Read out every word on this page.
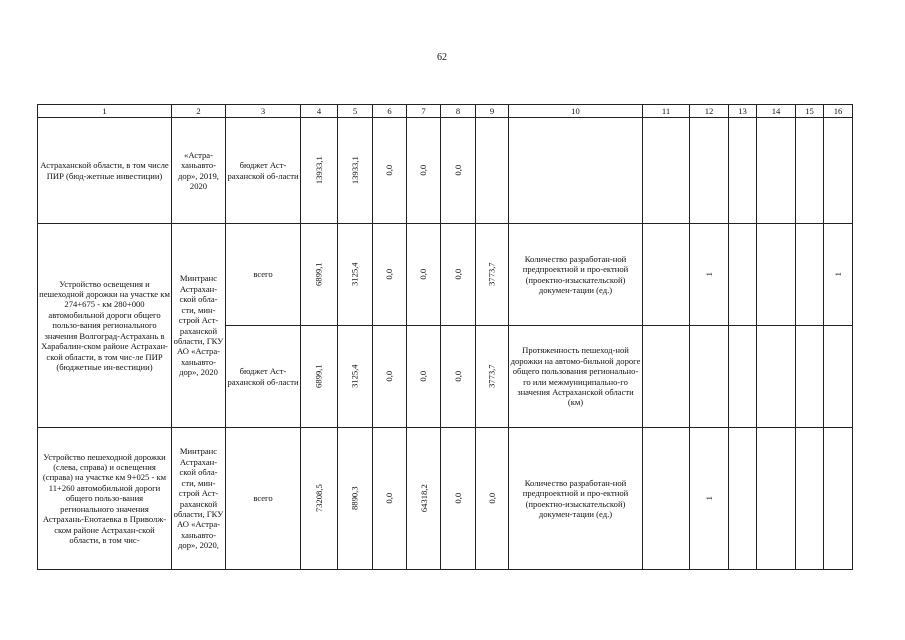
62
1	2	3	4	5	6	7	8	9	10	11	12	13	14	15	16
Астраханской области, в том числе ПИР (бюд-жетные инвестиции)	«Астра-ханьавто-дор», 2019, 2020	бюджет Аст-раханской об-ласти	13933,1	13933,1	0,0	0,0	0,0								
Устройство освещения и пешеходной дорожки на участке км 274+675 - км 280+000 автомобильной дороги общего пользо-вания регионального значения Волгоград-Астрахань в Харабалин-ском районе Астрахан-ской области, в том чис-ле ПИР (бюджетные ин-вестиции)	Минтранс Астрахан-ской обла-сти, мин-строй Аст-раханской области, ГКУ АО «Астра-ханьавто-дор», 2020	всего	6899,1	3125,4	0,0	0,0	0,0	3773,7	Количество разработан-ной предпроектной и про-ектной (проектно-изыскательской) докумен-тации (ед.)		1				1
		бюджет Аст-раханской об-ласти	6899,1	3125,4	0,0	0,0	0,0	3773,7	Протяженность пешеход-ной дорожки на автомо-бильной дороге общего пользования регионально-го или межмуниципально-го значения Астраханской области (км)						
Устройство пешеходной дорожки (слева, справа) и освещения (справа) на участке км 9+025 - км 11+260 автомобильной дороги общего пользо-вания регионального значения Астрахань-Енотаевка в Приволж-ском районе Астрахан-ской области, в том чис-	Минтранс Астрахан-ской обла-сти, мин-строй Аст-раханской области, ГКУ АО «Астра-ханьавто-дор», 2020,	всего	73208,5	8890,3	0,0	64318,2	0,0	0,0	Количество разработан-ной предпроектной и про-ектной (проектно-изыскательской) докумен-тации (ед.)		1				
